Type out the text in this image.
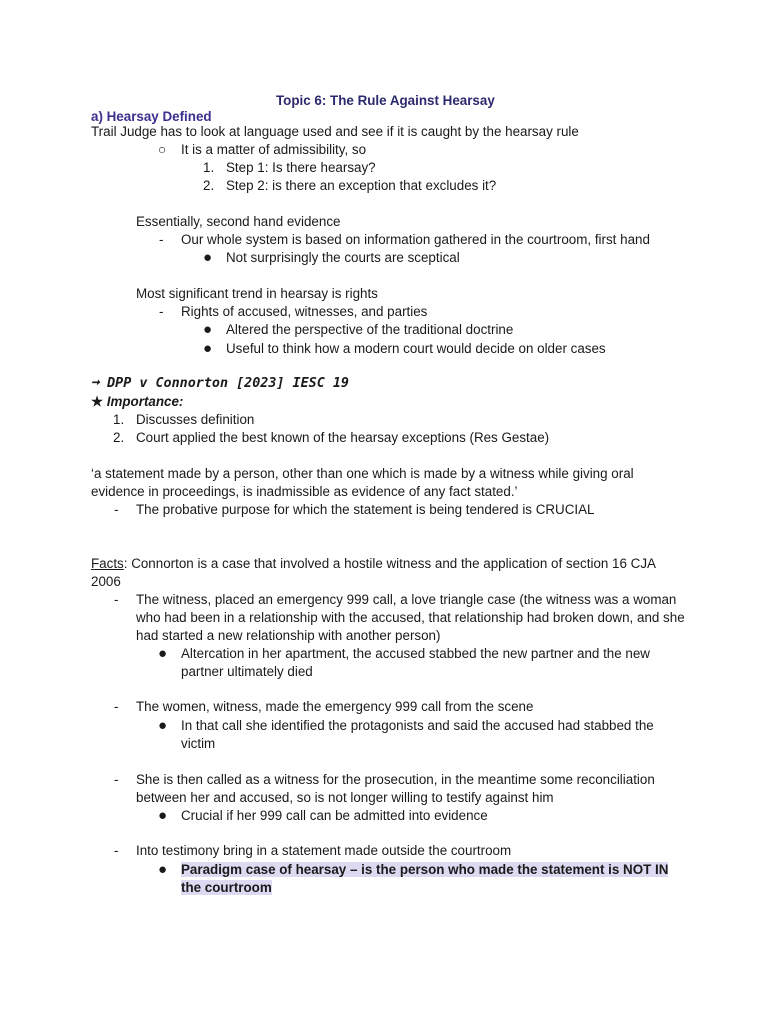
Topic 6: The Rule Against Hearsay
a) Hearsay Defined
Trail Judge has to look at language used and see if it is caught by the hearsay rule
○	It is a matter of admissibility, so
1. Step 1: Is there hearsay?
2. Step 2: is there an exception that excludes it?
Essentially, second hand evidence
-	Our whole system is based on information gathered in the courtroom, first hand
●	Not surprisingly the courts are sceptical
Most significant trend in hearsay is rights
-	Rights of accused, witnesses, and parties
●	Altered the perspective of the traditional doctrine
●	Useful to think how a modern court would decide on older cases
➞ DPP v Connorton [2023] IESC 19
★ Importance:
1. Discusses definition
2. Court applied the best known of the hearsay exceptions (Res Gestae)
‘a statement made by a person, other than one which is made by a witness while giving oral
evidence in proceedings, is inadmissible as evidence of any fact stated.’
-	The probative purpose for which the statement is being tendered is CRUCIAL
Facts: Connorton is a case that involved a hostile witness and the application of section 16 CJA
2006
-	The witness, placed an emergency 999 call, a love triangle case (the witness was a woman
who had been in a relationship with the accused, that relationship had broken down, and she
had started a new relationship with another person)
●	Altercation in her apartment, the accused stabbed the new partner and the new
partner ultimately died
-	The women, witness, made the emergency 999 call from the scene
●	In that call she identified the protagonists and said the accused had stabbed the
victim
-	She is then called as a witness for the prosecution, in the meantime some reconciliation
between her and accused, so is not longer willing to testify against him
●	Crucial if her 999 call can be admitted into evidence
-	Into testimony bring in a statement made outside the courtroom
●	Paradigm case of hearsay – is the person who made the statement is NOT IN
the courtroom
